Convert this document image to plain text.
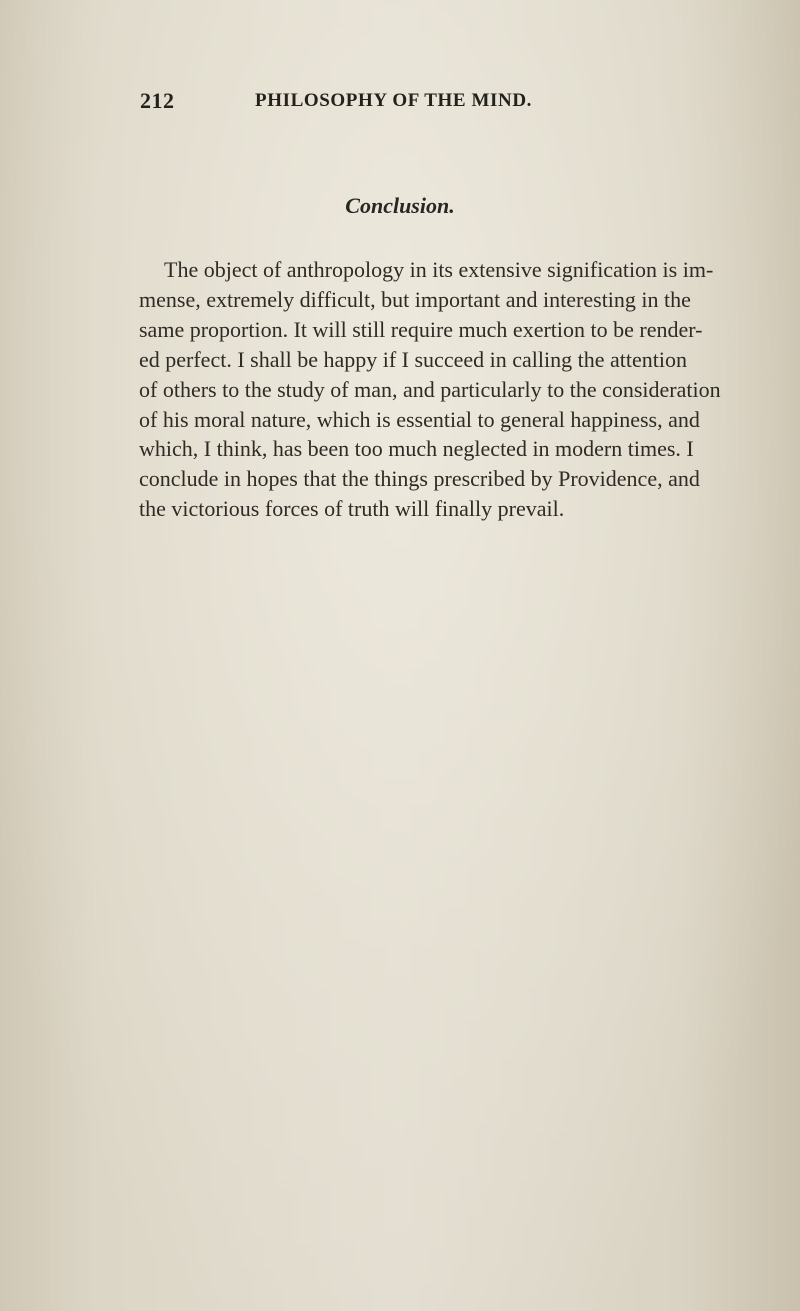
212	PHILOSOPHY OF THE MIND.
Conclusion.
The object of anthropology in its extensive signification is im-
mense, extremely difficult, but important and interesting in the
same proportion. It will still require much exertion to be render-
ed perfect. I shall be happy if I succeed in calling the attention
of others to the study of man, and particularly to the consideration
of his moral nature, which is essential to general happiness, and
which, I think, has been too much neglected in modern times. I
conclude in hopes that the things prescribed by Providence, and
the victorious forces of truth will finally prevail.
